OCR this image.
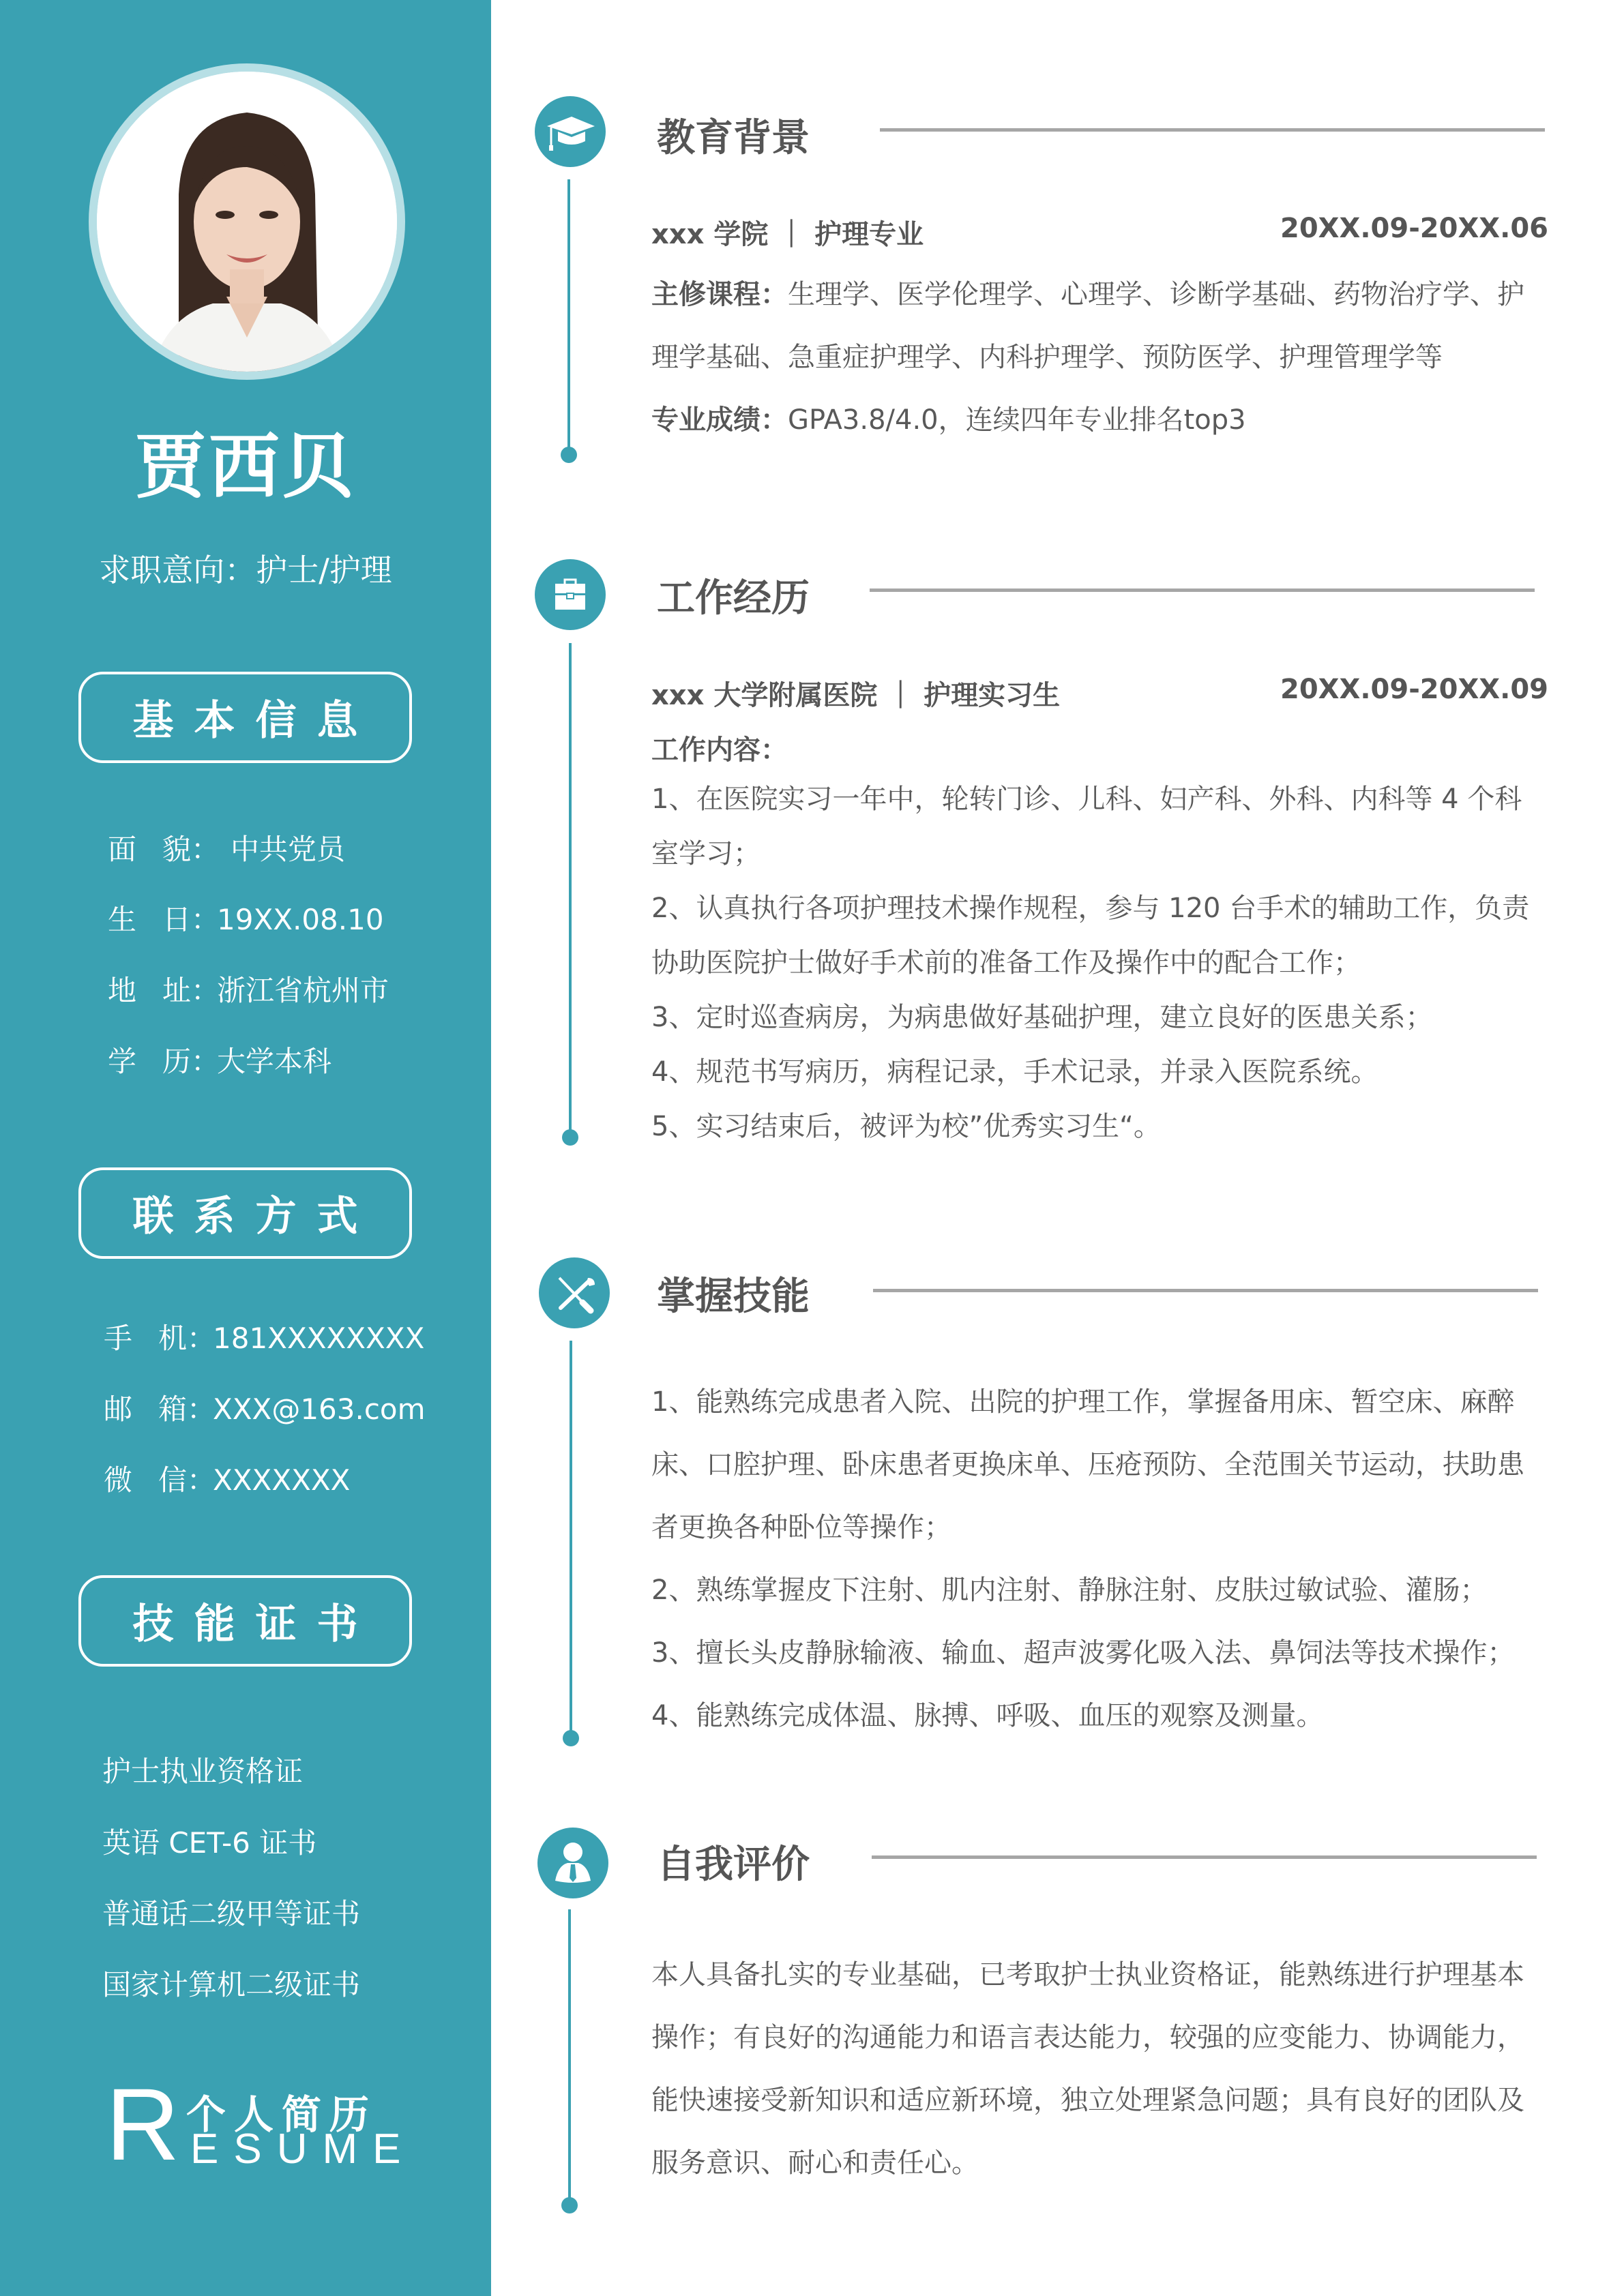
贾西贝
求职意向：护士/护理
基本信息
面 貌： 中共党员
生 日：19XX.08.10
地 址：浙江省杭州市
学 历：大学本科
联系方式
手 机：181XXXXXXXX
邮 箱：XXX@163.com
微 信：XXXXXXX
技能证书
护士执业资格证
英语 CET-6 证书
普通话二级甲等证书
国家计算机二级证书
R 个人简历
ESUME
教育背景
xxx 学院 ｜ 护理专业	20XX.09-20XX.06
主修课程：生理学、医学伦理学、心理学、诊断学基础、药物治疗学、护理学基础、急重症护理学、内科护理学、预防医学、护理管理学等
专业成绩：GPA3.8/4.0，连续四年专业排名top3
工作经历
xxx 大学附属医院 ｜ 护理实习生	20XX.09-20XX.09
工作内容：

1、在医院实习一年中，轮转门诊、儿科、妇产科、外科、内科等 4 个科室学习；

2、认真执行各项护理技术操作规程，参与 120 台手术的辅助工作，负责协助医院护士做好手术前的准备工作及操作中的配合工作；

3、定时巡查病房，为病患做好基础护理，建立良好的医患关系；

4、规范书写病历，病程记录，手术记录，并录入医院系统。

5、实习结束后，被评为校”优秀实习生“。

掌握技能

1、能熟练完成患者入院、出院的护理工作，掌握备用床、暂空床、麻醉床、口腔护理、卧床患者更换床单、压疮预防、全范围关节运动，扶助患者更换各种卧位等操作；

2、熟练掌握皮下注射、肌内注射、静脉注射、皮肤过敏试验、灌肠；

3、擅长头皮静脉输液、输血、超声波雾化吸入法、鼻饲法等技术操作；

4、能熟练完成体温、脉搏、呼吸、血压的观察及测量。

自我评价
本人具备扎实的专业基础，已考取护士执业资格证，能熟练进行护理基本操作；有良好的沟通能力和语言表达能力，较强的应变能力、协调能力，能快速接受新知识和适应新环境，独立处理紧急问题；具有良好的团队及服务意识、耐心和责任心。
